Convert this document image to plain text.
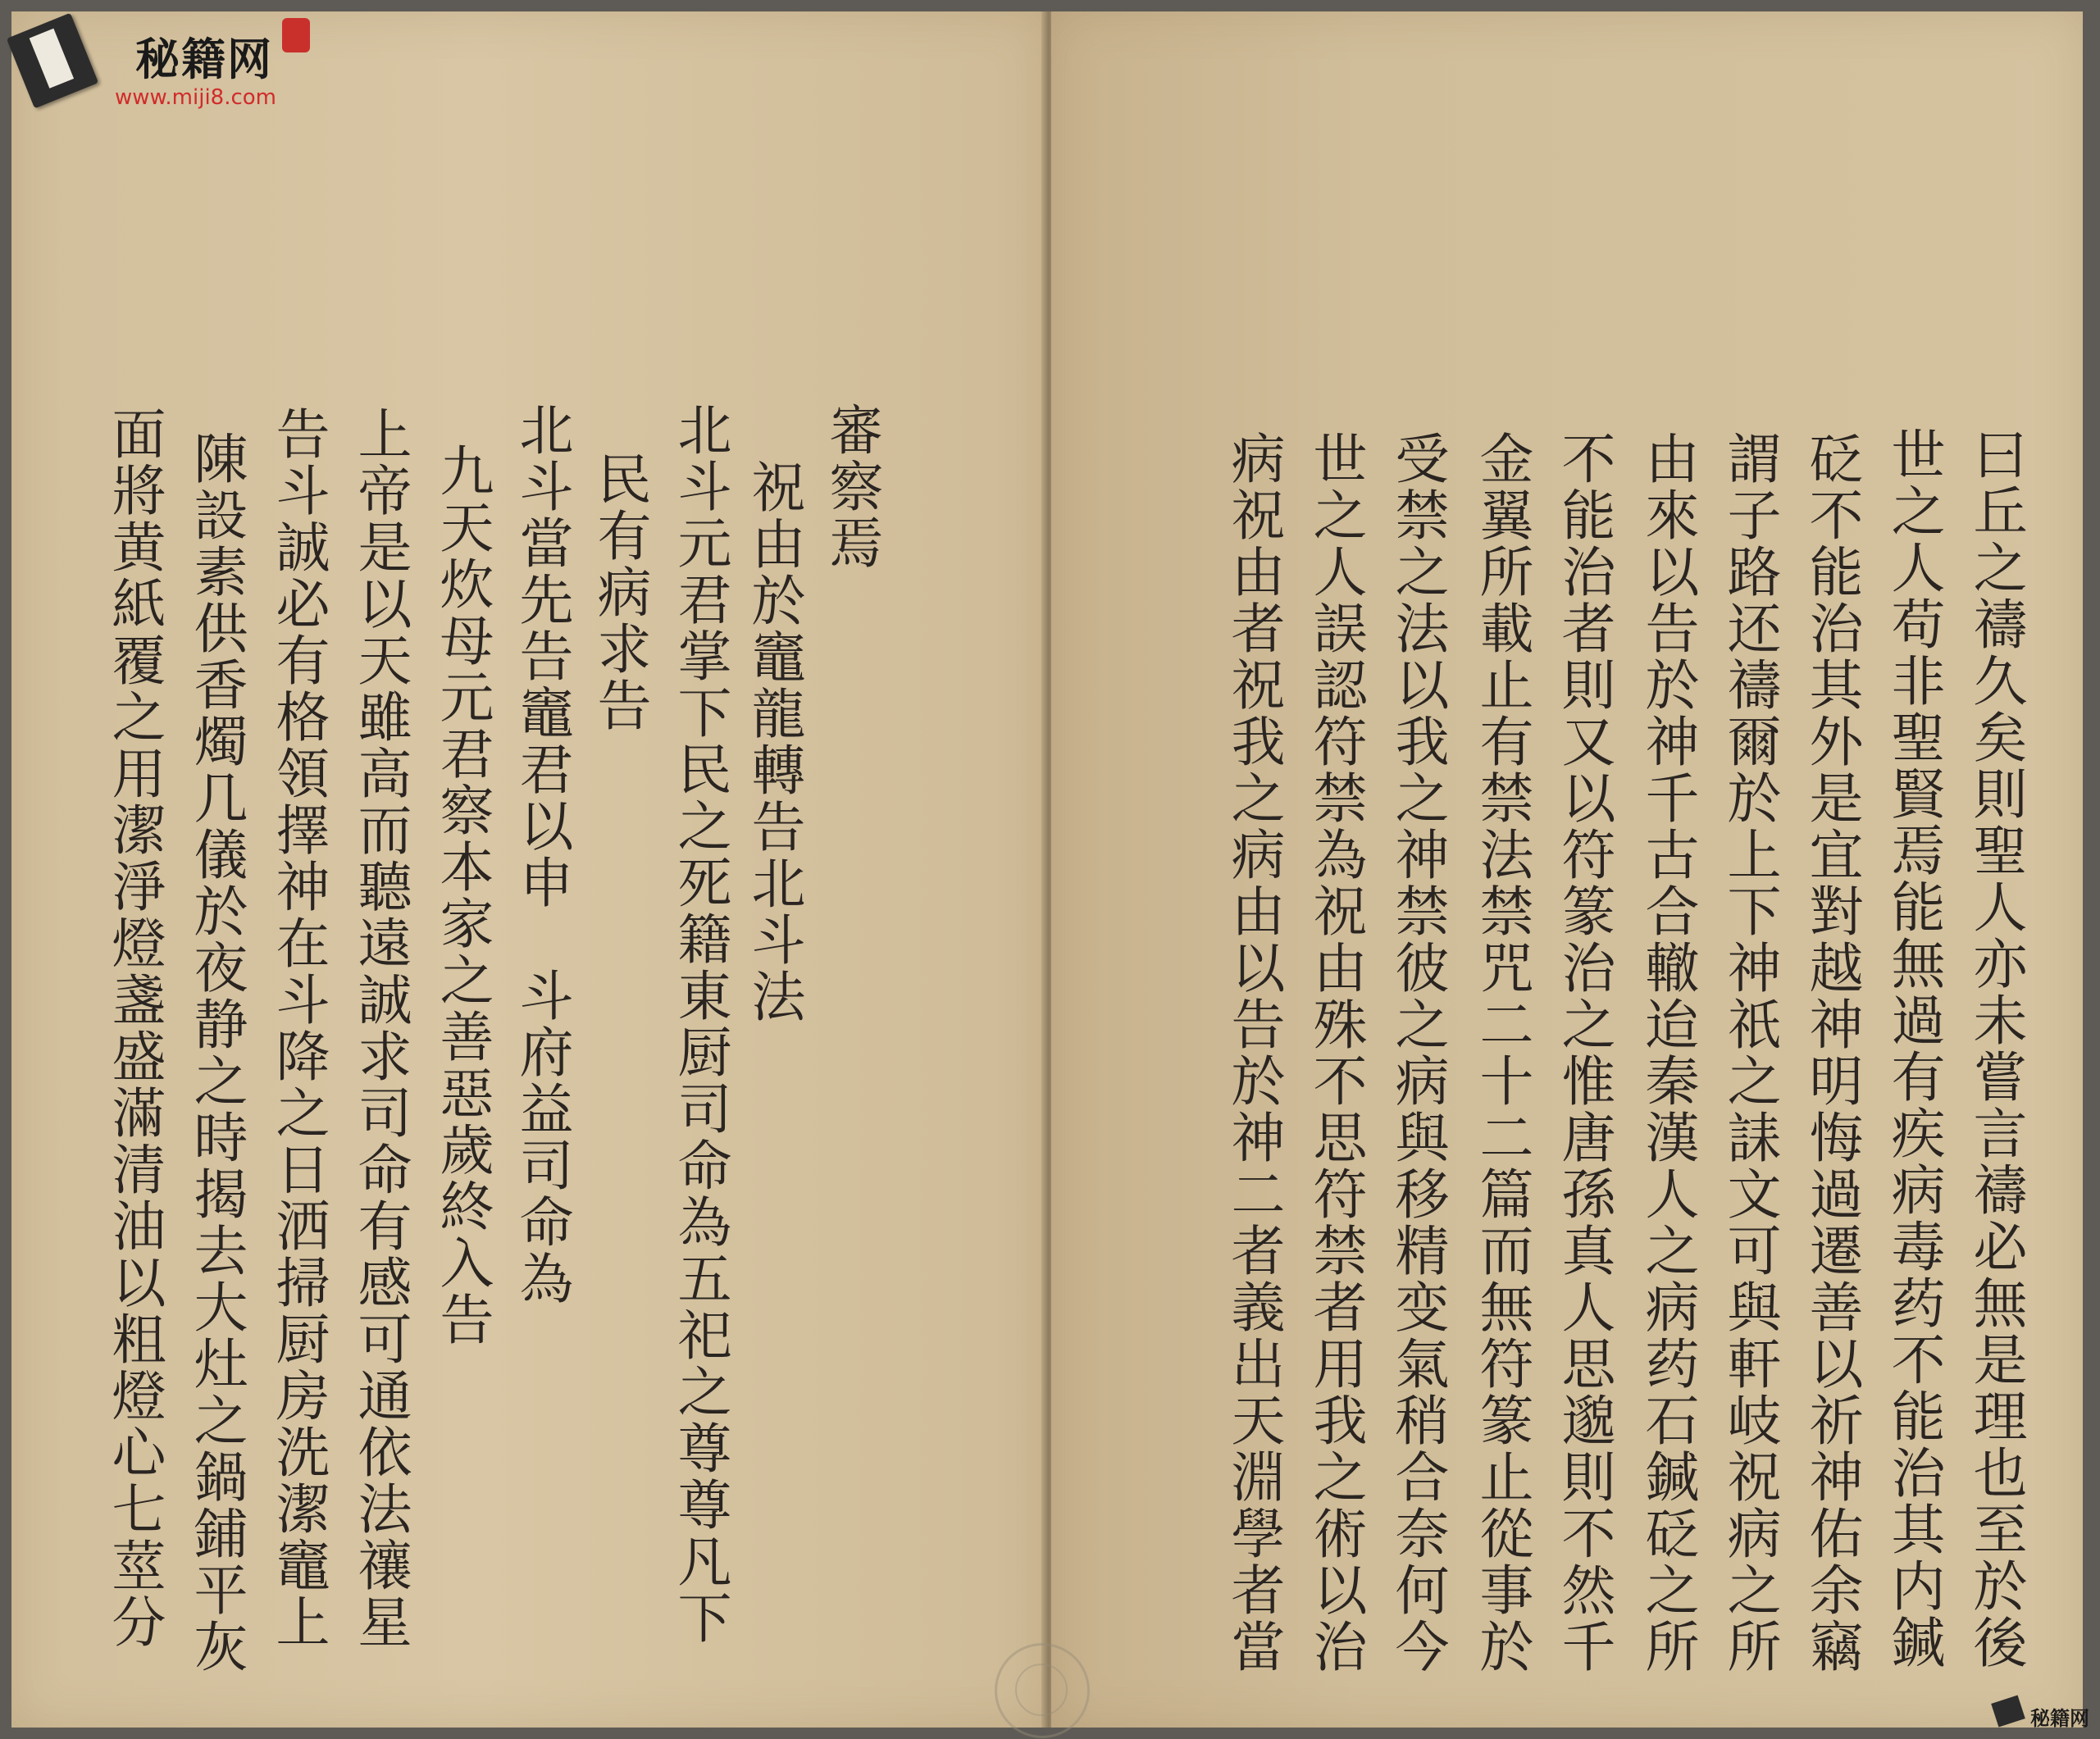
審察焉
祝由於竈龍轉告北斗法
北斗元君掌下民之死籍東厨司命為五祀之尊尊凡下
民有病求告
北斗當先告竈君以申　斗府益司命為
九天炊母元君察本家之善惡歲終入告
上帝是以天雖高而聽遠誠求司命有感可通依法禳星
告斗誠必有格領擇神在斗降之日洒掃厨房洗潔竈上
陳設素供香燭几儀於夜静之時揭去大灶之鍋鋪平灰
面將黄紙覆之用潔淨燈盞盛滿清油以粗燈心七莖分	曰丘之禱久矣則聖人亦未嘗言禱必無是理也至於後
世之人苟非聖賢焉能無過有疾病毒药不能治其内鍼
砭不能治其外是宜對越神明悔過遷善以祈神佑余竊
謂子路还禱爾於上下神祇之誄文可與軒岐祝病之所
由來以告於神千古合轍迨秦漢人之病药石鍼砭之所
不能治者則又以符篆治之惟唐孫真人思邈則不然千
金翼所載止有禁法禁咒二十二篇而無符篆止從事於
受禁之法以我之神禁彼之病與移精变氣稍合奈何今
世之人誤認符禁為祝由殊不思符禁者用我之術以治
病祝由者祝我之病由以告於神二者義出天淵學者當
秘籍网
www.miji8.com
秘籍网
